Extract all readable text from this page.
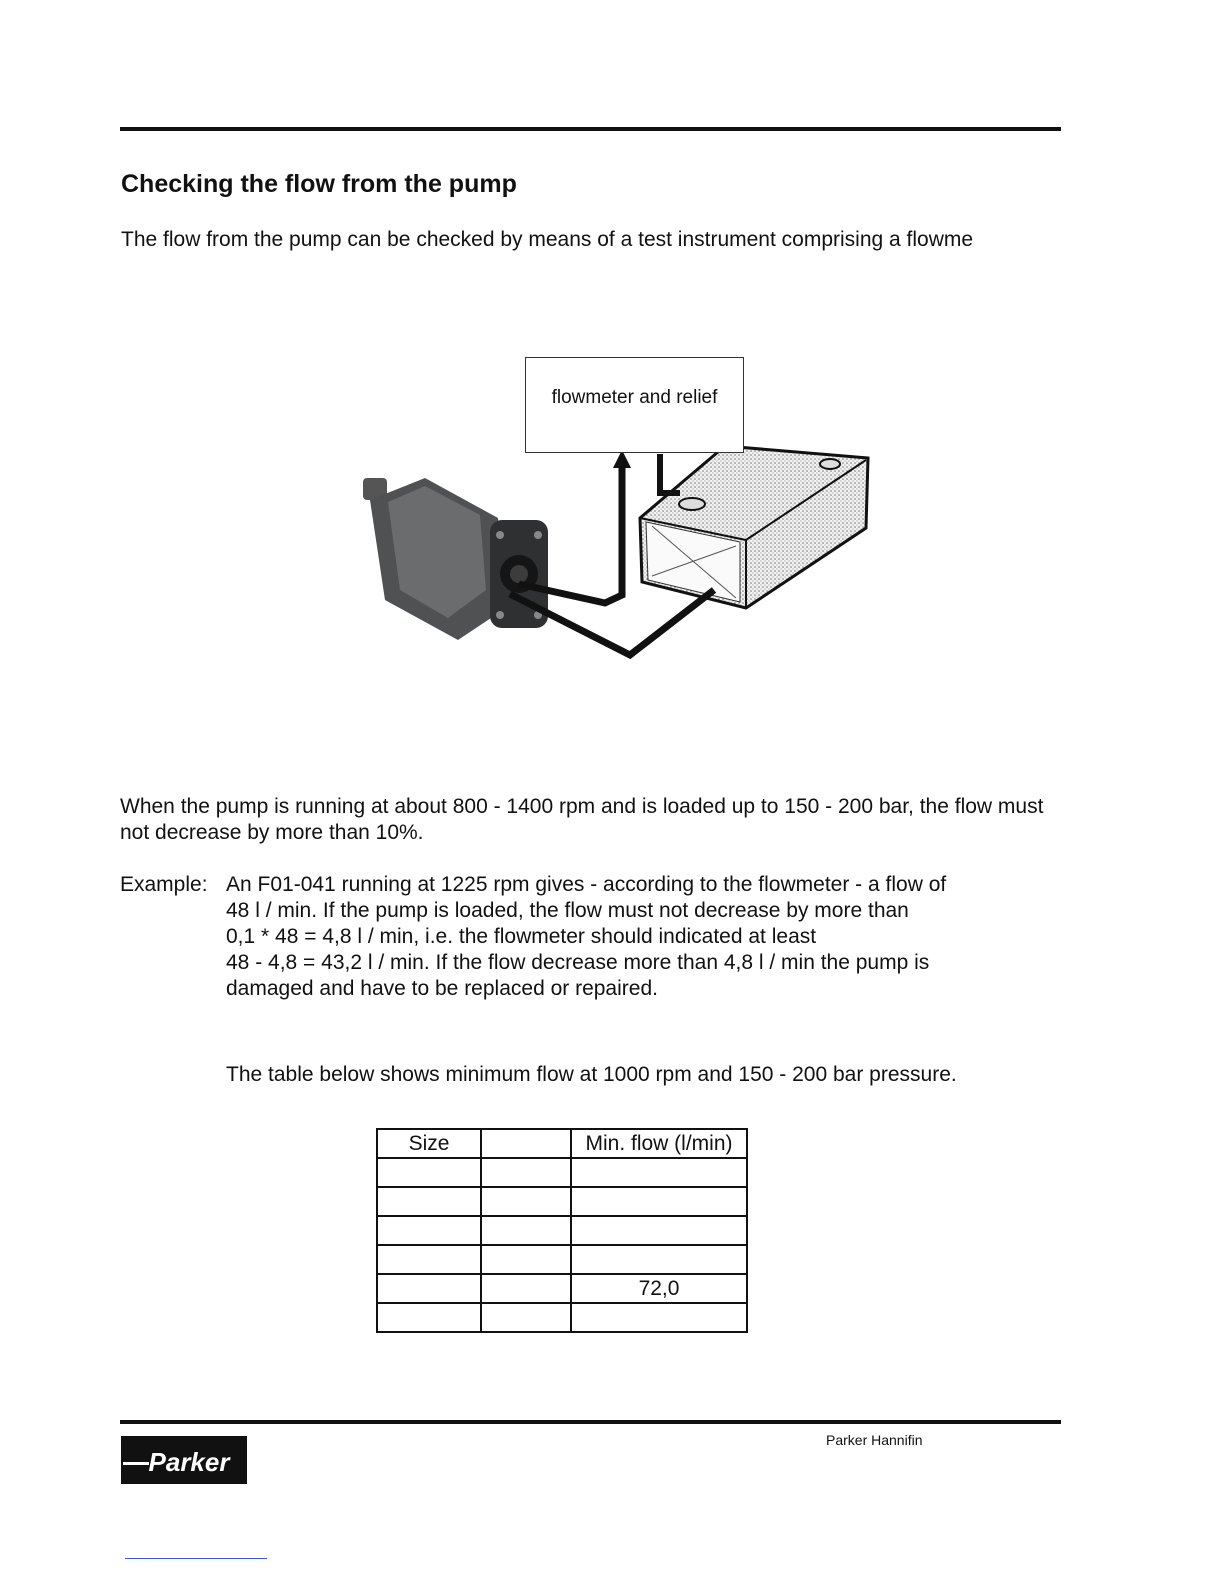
Checking the flow from the pump
The flow from the pump can be checked by means of a test instrument comprising a flowme
flowmeter and relief
When the pump is running at about 800 - 1400 rpm and is loaded up to 150 - 200 bar, the flow must not decrease by more than 10%.
Example: An F01-041 running at 1225 rpm gives - according to the flowmeter - a flow of
48 l / min. If the pump is loaded, the flow must not decrease by more than
0,1 * 48 = 4,8 l / min, i.e. the flowmeter should indicated at least
48 - 4,8 = 43,2 l / min. If the flow decrease more than 4,8 l / min the pump is
damaged and have to be replaced or repaired.
The table below shows minimum flow at 1000 rpm and 150 - 200 bar pressure.
Size		Min. flow (l/min)

		72,0

Parker
Parker Hannifin
